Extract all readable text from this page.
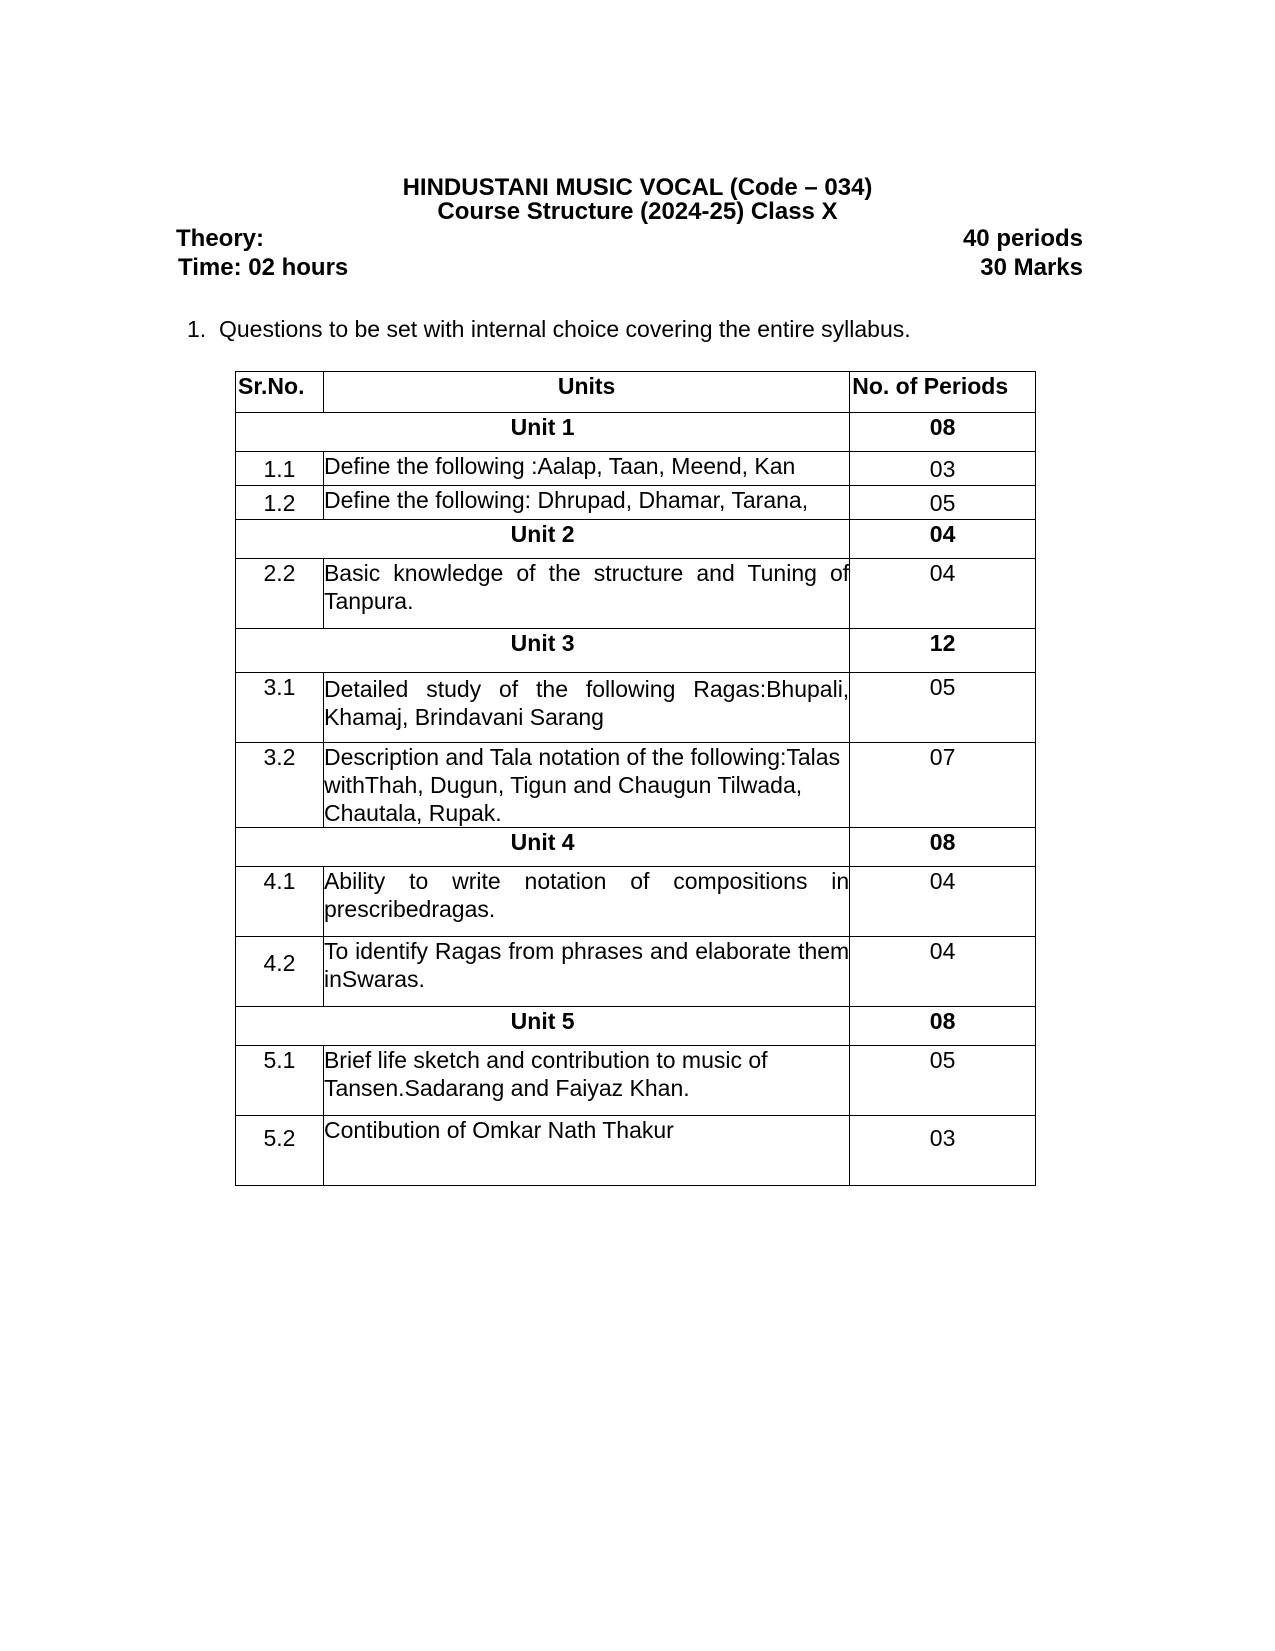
HINDUSTANI MUSIC VOCAL (Code – 034)
Course Structure (2024-25) Class X
Theory:
Time: 02 hours
40 periods
30 Marks
1. Questions to be set with internal choice covering the entire syllabus.
Sr.No.	Units	No. of Periods
Unit 1		08
1.1	Define the following :Aalap, Taan, Meend, Kan	03
1.2	Define the following: Dhrupad, Dhamar, Tarana,	05
Unit 2		04
2.2	Basic knowledge of the structure and Tuning of Tanpura.	04
Unit 3		12
3.1	Detailed study of the following Ragas:Bhupali, Khamaj, Brindavani Sarang	05
3.2	Description and Tala notation of the following:Talas withThah, Dugun, Tigun and Chaugun Tilwada, Chautala, Rupak.	07
Unit 4		08
4.1	Ability to write notation of compositions in prescribedragas.	04
4.2	To identify Ragas from phrases and elaborate them inSwaras.	04
Unit 5		08
5.1	Brief life sketch and contribution to music of Tansen.Sadarang and Faiyaz Khan.	05
5.2	Contibution of Omkar Nath Thakur	03
